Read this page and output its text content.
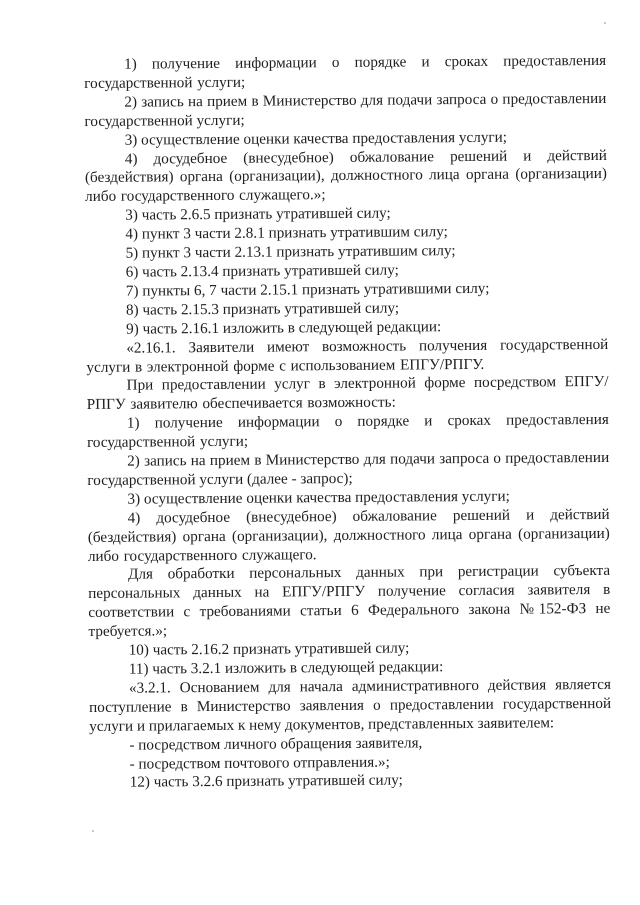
1) получение информации о порядке и сроках предоставления государственной услуги;

2) запись на прием в Министерство для подачи запроса о предоставлении государственной услуги;

3) осуществление оценки качества предоставления услуги;

4) досудебное (внесудебное) обжалование решений и действий (бездействия) органа (организации), должностного лица органа (организации) либо государственного служащего.»;

3) часть 2.6.5 признать утратившей силу;

4) пункт 3 части 2.8.1 признать утратившим силу;

5) пункт 3 части 2.13.1 признать утратившим силу;

6) часть 2.13.4 признать утратившей силу;

7) пункты 6, 7 части 2.15.1 признать утратившими силу;

8) часть 2.15.3 признать утратившей силу;

9) часть 2.16.1 изложить в следующей редакции:

«2.16.1. Заявители имеют возможность получения государственной услуги в электронной форме с использованием ЕПГУ/РПГУ.

При предоставлении услуг в электронной форме посредством ЕПГУ/РПГУ заявителю обеспечивается возможность:

1) получение информации о порядке и сроках предоставления государственной услуги;

2) запись на прием в Министерство для подачи запроса о предоставлении государственной услуги (далее - запрос);

3) осуществление оценки качества предоставления услуги;

4) досудебное (внесудебное) обжалование решений и действий (бездействия) органа (организации), должностного лица органа (организации) либо государственного служащего.

Для обработки персональных данных при регистрации субъекта персональных данных на ЕПГУ/РПГУ получение согласия заявителя в соответствии с требованиями статьи 6 Федерального закона №152-ФЗ не требуется.»;

10) часть 2.16.2 признать утратившей силу;

11) часть 3.2.1 изложить в следующей редакции:

«3.2.1. Основанием для начала административного действия является поступление в Министерство заявления о предоставлении государственной услуги и прилагаемых к нему документов, представленных заявителем:

- посредством личного обращения заявителя,

- посредством почтового отправления.»;

12) часть 3.2.6 признать утратившей силу;
